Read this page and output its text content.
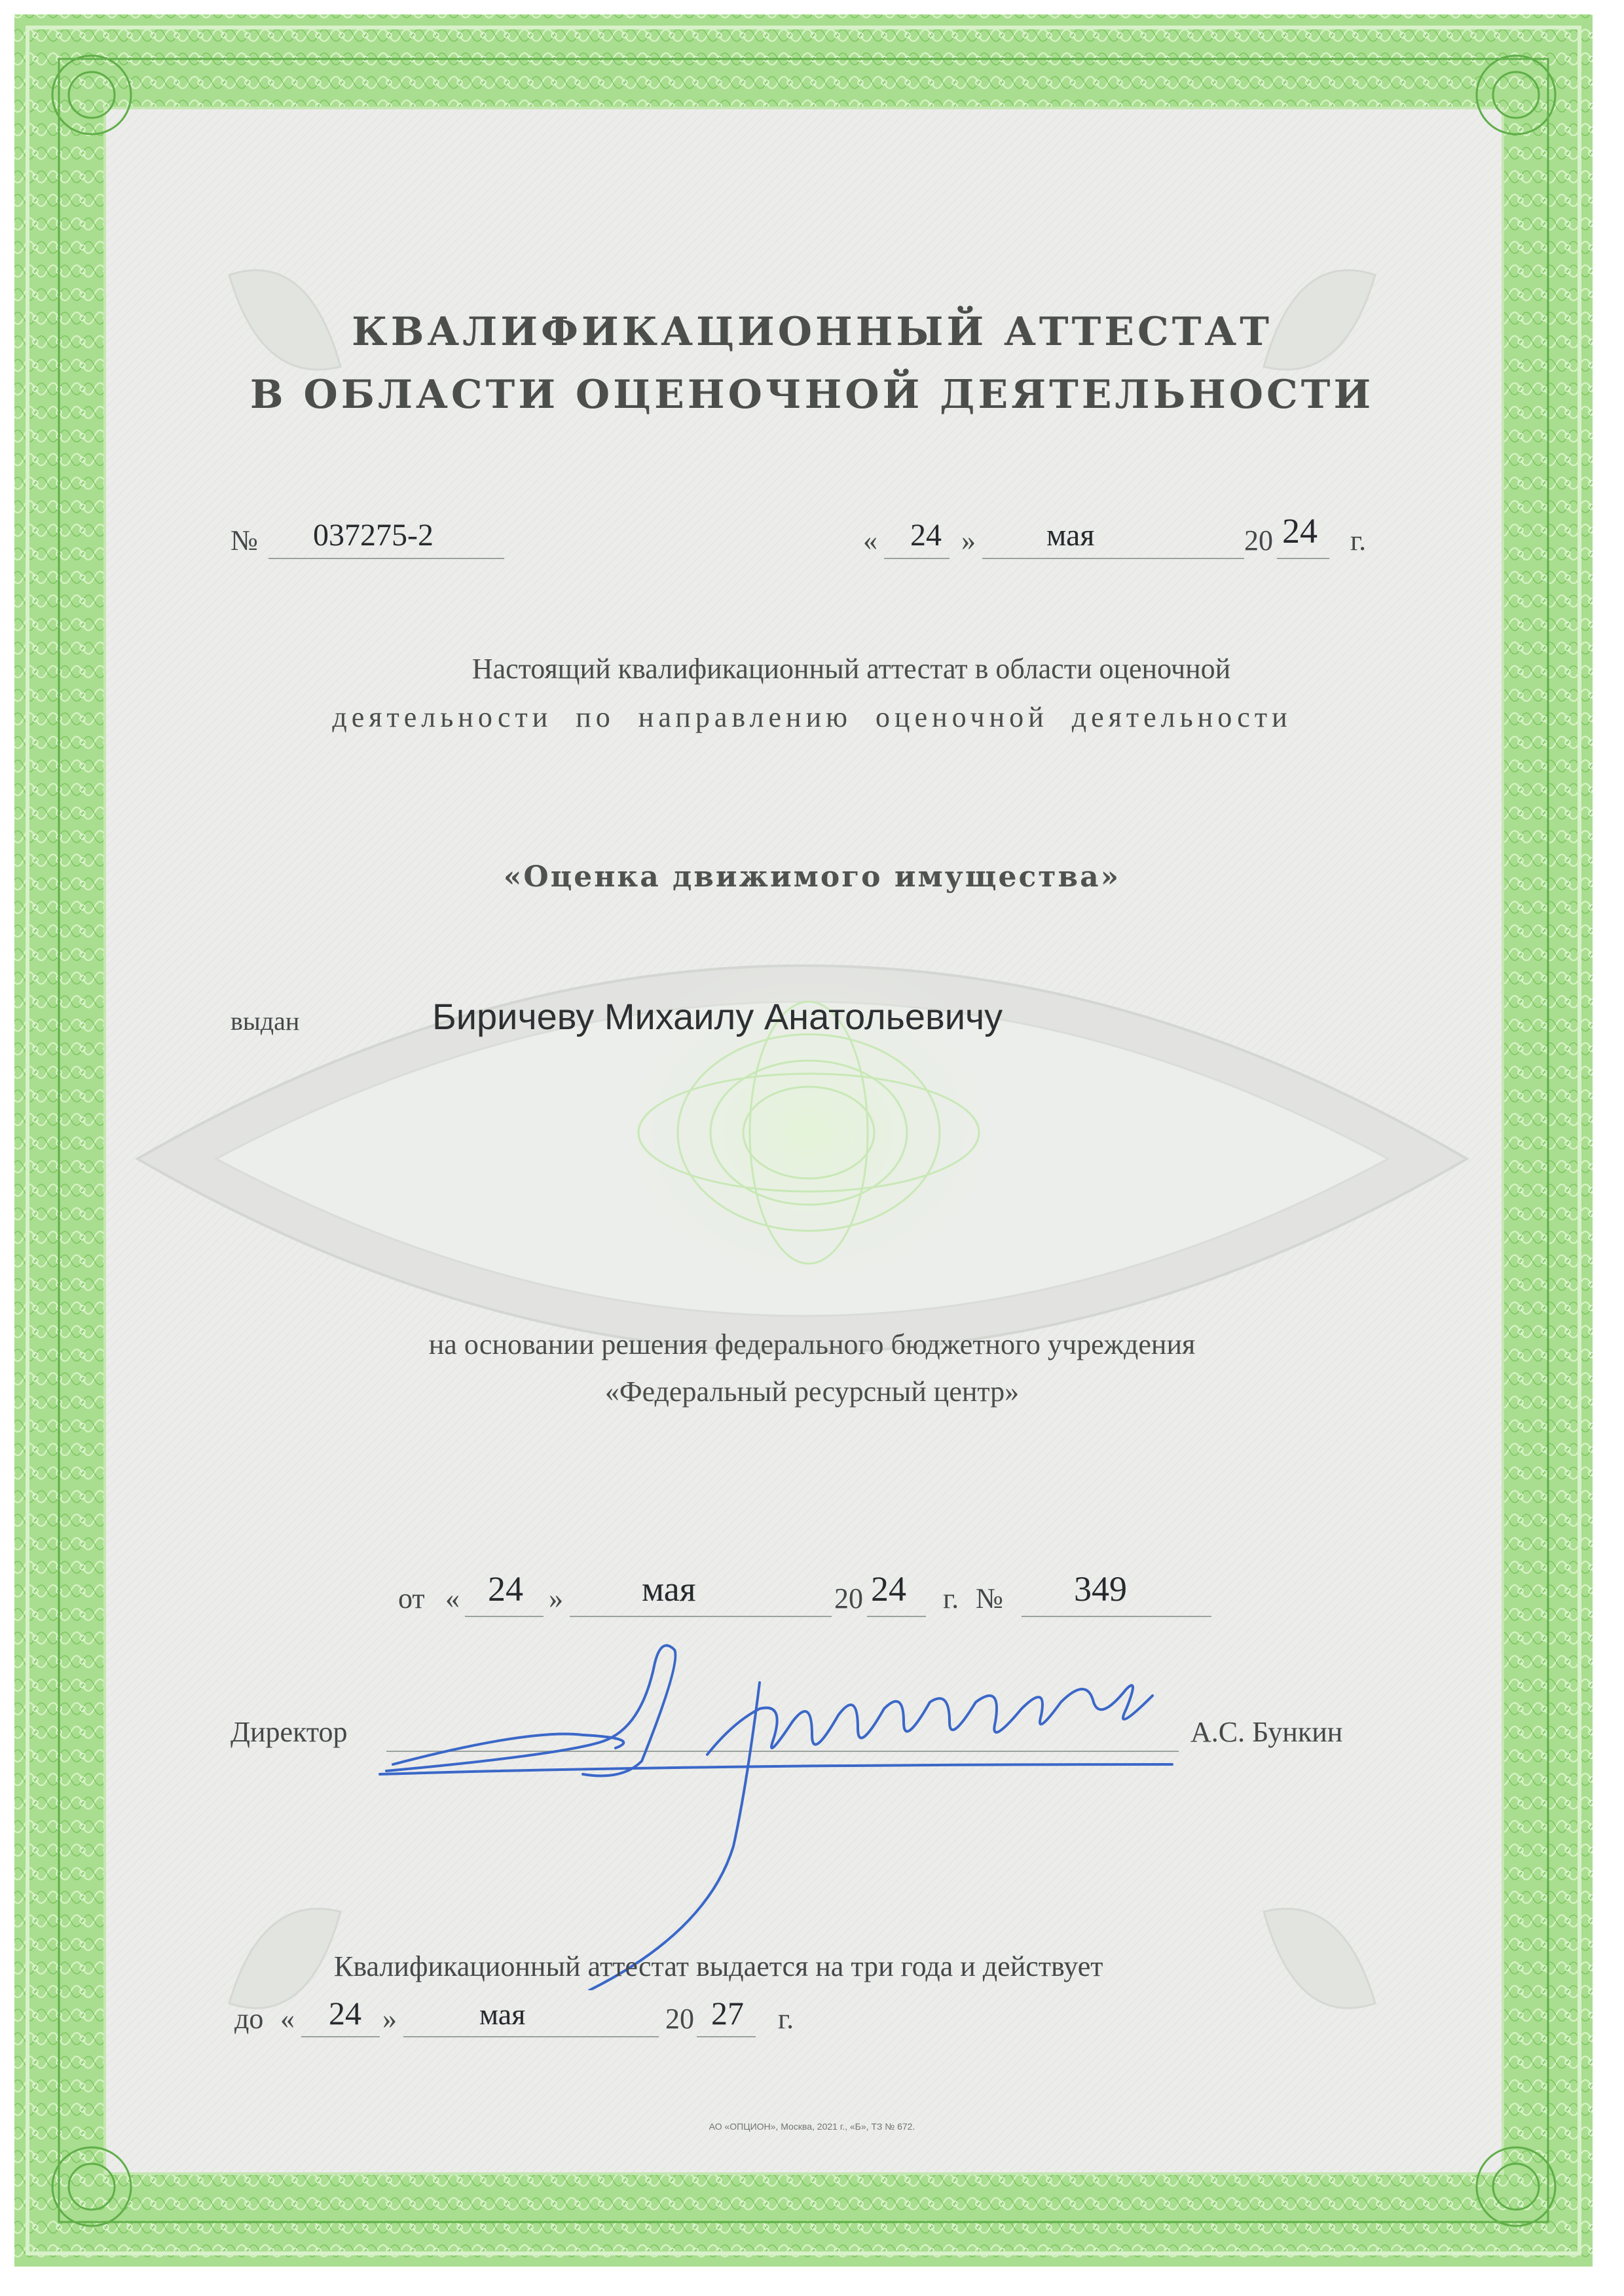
КВАЛИФИКАЦИОННЫЙ АТТЕСТАТ
В ОБЛАСТИ ОЦЕНОЧНОЙ ДЕЯТЕЛЬНОСТИ
№ 037275-2	« 24 » мая	20 24 г.
Настоящий квалификационный аттестат в области оценочной
деятельности по направлению оценочной деятельности
«Оценка движимого имущества»
выдан	Биричеву Михаилу Анатольевичу
на основании решения федерального бюджетного учреждения
«Федеральный ресурсный центр»
от « 24 » мая	20 24 г. № 349
Директор	А.С. Бункин
Квалификационный аттестат выдается на три года и действует
до « 24 »	мая	20 27 г.
АО «ОПЦИОН», Москва, 2021 г., «Б», ТЗ № 672.
